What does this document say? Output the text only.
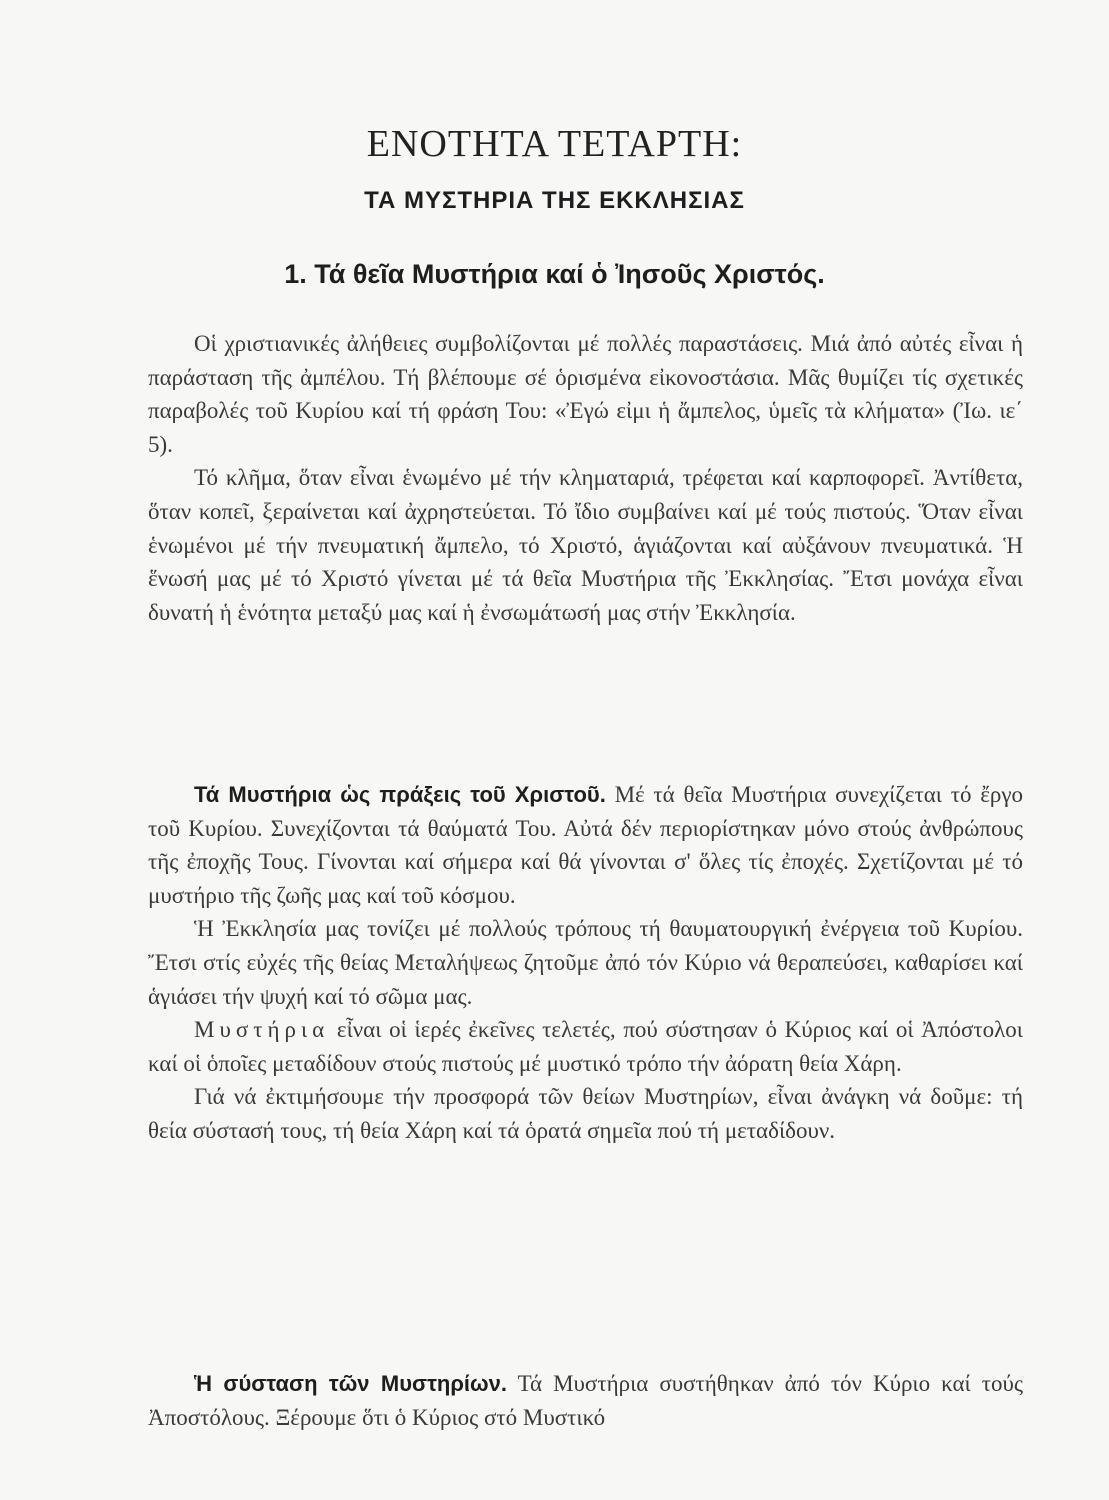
ΕΝΟΤΗΤΑ ΤΕΤΑΡΤΗ:
ΤΑ ΜΥΣΤΗΡΙΑ ΤΗΣ ΕΚΚΛΗΣΙΑΣ
1. Τά θεῖα Μυστήρια καί ὁ Ἰησοῦς Χριστός.

Οἱ χριστιανικές ἀλήθειες συμβολίζονται μέ πολλές παραστάσεις. Μιά ἀπό αὐτές εἶναι ἡ παράσταση τῆς ἀμπέλου. Τή βλέπουμε σέ ὁρισμένα εἰκονοστάσια. Μᾶς θυμίζει τίς σχετικές παραβολές τοῦ Κυρίου καί τή φράση Του: «Ἐγώ εἰμι ἡ ἄμπελος, ὑμεῖς τὰ κλήματα» (Ἰω. ιε΄ 5).

Τό κλῆμα, ὅταν εἶναι ἑνωμένο μέ τήν κληματαριά, τρέφεται καί καρποφορεῖ. Ἀντίθετα, ὅταν κοπεῖ, ξεραίνεται καί ἀχρηστεύεται. Τό ἴδιο συμβαίνει καί μέ τούς πιστούς. Ὅταν εἶναι ἑνωμένοι μέ τήν πνευματική ἄμπελο, τό Χριστό, ἁγιάζονται καί αὐξάνουν πνευματικά. Ἡ ἕνωσή μας μέ τό Χριστό γίνεται μέ τά θεῖα Μυστήρια τῆς Ἐκκλησίας. Ἔτσι μονάχα εἶναι δυνατή ἡ ἑνότητα μεταξύ μας καί ἡ ἐνσωμάτωσή μας στήν Ἐκκλησία.

Τά Μυστήρια ὡς πράξεις τοῦ Χριστοῦ. Μέ τά θεῖα Μυστήρια συνεχίζεται τό ἔργο τοῦ Κυρίου. Συνεχίζονται τά θαύματά Του. Αὐτά δέν περιορίστηκαν μόνο στούς ἀνθρώπους τῆς ἐποχῆς Τους. Γίνονται καί σήμερα καί θά γίνονται σ' ὅλες τίς ἐποχές. Σχετίζονται μέ τό μυστήριο τῆς ζωῆς μας καί τοῦ κόσμου.

Ἡ Ἐκκλησία μας τονίζει μέ πολλούς τρόπους τή θαυματουργική ἐνέργεια τοῦ Κυρίου. Ἔτσι στίς εὐχές τῆς θείας Μεταλήψεως ζητοῦμε ἀπό τόν Κύριο νά θεραπεύσει, καθαρίσει καί ἁγιάσει τήν ψυχή καί τό σῶμα μας.

Μυστήρια εἶναι οἱ ἱερές ἐκεῖνες τελετές, πού σύστησαν ὁ Κύριος καί οἱ Ἀπόστολοι καί οἱ ὁποῖες μεταδίδουν στούς πιστούς μέ μυστικό τρόπο τήν ἀόρατη θεία Χάρη.

Γιά νά ἐκτιμήσουμε τήν προσφορά τῶν θείων Μυστηρίων, εἶναι ἀνάγκη νά δοῦμε: τή θεία σύστασή τους, τή θεία Χάρη καί τά ὁρατά σημεῖα πού τή μεταδίδουν.

Ἡ σύσταση τῶν Μυστηρίων. Τά Μυστήρια συστήθηκαν ἀπό τόν Κύριο καί τούς Ἀποστόλους. Ξέρουμε ὅτι ὁ Κύριος στό Μυστικό
